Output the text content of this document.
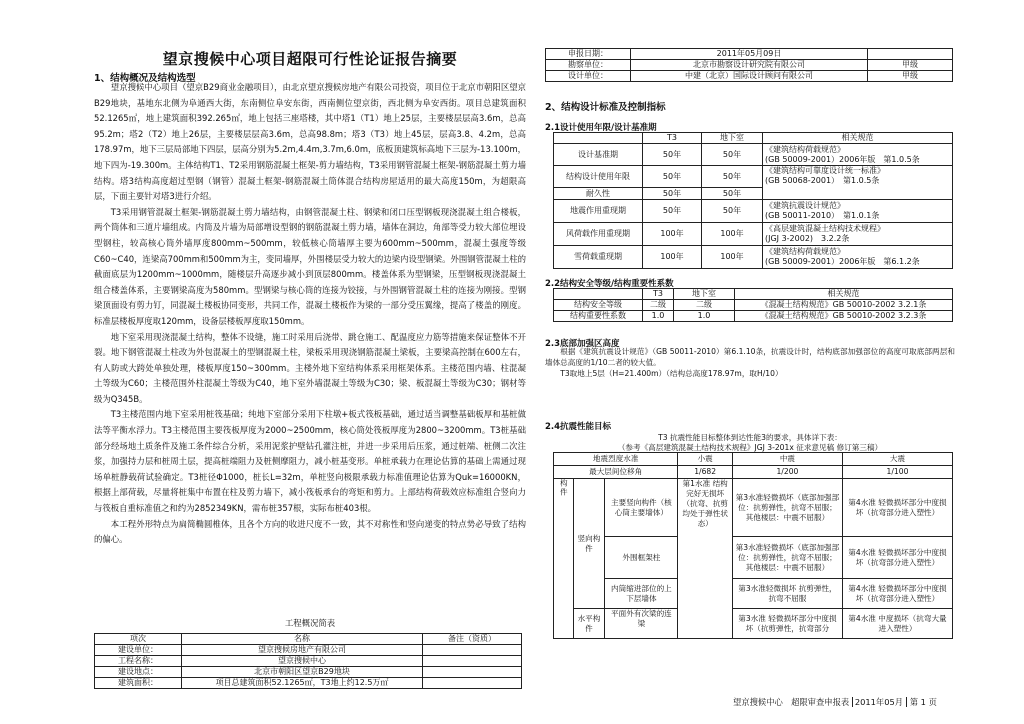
望京搜候中心项目超限可行性论证报告摘要
1、结构概况及结构选型

望京搜候中心项目（望京B29商业金融项目），由北京望京搜候房地产有限公司投资，项目位于北京市朝阳区望京B29地块，基地东北侧为阜通西大街，东南侧位阜安东街，西南侧位望京街，西北侧为阜安西街。项目总建筑面积52.1265㎡，地上建筑面积392.265㎡，地上包括三座塔楼，其中塔1（T1）地上25层，主要楼层层高3.6m，总高95.2m；塔2（T2）地上26层，主要楼层层高3.6m，总高98.8m；塔3（T3）地上45层，层高3.8、4.2m，总高178.97m，地下三层局部地下四层，层高分别为5.2m,4.4m,3.7m,6.0m，底板顶建筑标高地下三层为-13.100m，地下四为-19.300m。主体结构T1、T2采用钢筋混凝土框架-剪力墙结构，T3采用钢管混凝土框架-钢筋混凝土剪力墙结构。塔3结构高度超过型钢（钢管）混凝土框架-钢筋混凝土筒体混合结构房屋适用的最大高度150m，为超限高层，下面主要针对塔3进行介绍。

T3采用钢管混凝土框架-钢筋混凝土剪力墙结构，由钢管混凝土柱、钢梁和闭口压型钢板现浇混凝土组合楼板，两个筒体和三道片墙组成。内筒及片墙为局部增设型钢的钢筋混凝土剪力墙，墙体在洞边，角部等受力较大部位埋设型钢柱，较高核心筒外墙厚度800mm~500mm，较低核心筒墙厚主要为600mm~500mm，混凝土强度等级C60~C40，连梁高700mm和500mm为主，变同墙厚，外围楼层受力较大的边梁内设型钢梁。外围钢管混凝土柱的截面底层为1200mm~1000mm，随楼层升高逐步减小到顶层800mm。楼盖体系为型钢梁，压型钢板现浇混凝土组合楼盖体系，主要钢梁高度为580mm。型钢梁与核心筒的连接为铰接，与外围钢管混凝土柱的连接为刚接。型钢梁顶面设有剪力钉，同混凝土楼板协同变形，共同工作，混凝土楼板作为梁的一部分受压翼缘，提高了楼盖的刚度。标准层楼板厚度取120mm，设备层楼板厚度取150mm。

地下室采用现浇混凝土结构，整体不设缝，施工时采用后浇带、跳仓施工、配温度应力筋等措施来保证整体不开裂。地下钢管混凝土柱改为外包混凝土的型钢混凝土柱，梁板采用现浇钢筋混凝土梁板，主要梁高控制在600左右，有人防或大跨处单独处理，楼板厚度150~300mm。主楼外地下室结构体系采用框架体系。主楼范围内墙、柱混凝土等级为C60；主楼范围外柱混凝土等级为C40，地下室外墙混凝土等级为C30；梁、板混凝土等级为C30；钢材等级为Q345B。

T3主楼范围内地下室采用桩筏基础；纯地下室部分采用下柱墩+板式筏板基础，通过适当调整基础板厚和基桩做法等平衡水浮力。T3主楼范围主要筏板厚度为2000~2500mm，核心筒处筏板厚度为2800~3200mm。T3桩基础部分经场地土质条件及施工条件综合分析，采用泥浆护壁钻孔灌注桩，并进一步采用后压浆，通过桩端、桩侧二次注浆，加强持力层和桩周土层，提高桩端阻力及桩侧摩阻力，减小桩基变形。单桩承载力在理论估算的基础上需通过现场单桩静载荷试验确定。T3桩径Φ1000，桩长L=32m，单桩竖向极限承载力标准值理论估算为Quk=16000KN，根据上部荷载，尽量将桩集中布置在柱及剪力墙下，减小筏板承台的弯矩和剪力。上部结构荷载效应标准组合竖向力与筏板自重标准值之和约为2852349KN，需布桩357根，实际布桩403根。

本工程外形特点为扁简椭圆椎体，且各个方向的收进尺度不一致，其不对称性和竖向递变的特点势必导致了结构的偏心。

工程概况简表
项次	名称	备注（资质）
建设单位：	望京搜候房地产有限公司	
工程名称：	望京搜候中心	
建设地点：	北京市朝阳区望京B29地块	
建筑面积：	项目总建筑面积52.1265㎡，T3地上约12.5万㎡	
申报日期：	2011年05月09日	
勘察单位：	北京市勘察设计研究院有限公司	甲级
设计单位：	中建（北京）国际设计顾问有限公司	甲级
2、结构设计标准及控制指标
2.1设计使用年限/设计基准期
	T3	地下室	相关规范
设计基准期	50年	50年	《建筑结构荷载规范》
(GB 50009-2001）2006年版　第1.0.5条

结构设计使用年限	50年	50年	《建筑结构可靠度设计统一标准》
(GB 50068-2001）　第1.0.5条

耐久性	50年	50年	
地震作用重现期	50年	50年	《建筑抗震设计规范》
(GB 50011-2010）　第1.0.1条

风荷载作用重现期	100年	100年	《高层建筑混凝土结构技术规程》
(JGJ 3-2002)　3.2.2条

雪荷载重现期	100年	100年	《建筑结构荷载规范》
(GB 50009-2001）2006年版　第6.1.2条
2.2结构安全等级/结构重要性系数
	T3	地下室	相关规范
结构安全等级	二级	二级	《混凝土结构规范》GB 50010-2002 3.2.1条
结构重要性系数	1.0	1.0	《混凝土结构规范》GB 50010-2002 3.2.3条
2.3底部加强区高度

根据《建筑抗震设计规范》（GB 50011-2010）第6.1.10条，抗震设计时，结构底部加强部位的高度可取底部两层和墙体总高度的1/10二者的较大值。

T3取地上5层（H=21.400m）（结构总高度178.97m，取H/10）

2.4抗震性能目标
T3 抗震性能目标整体到达性能3的要求，具体详下表：
（参考《高层建筑混凝土结构技术规程》JGJ 3-201x 征求意见稿 修订第三稿）
地震烈度水准			小震	中震	大震
最大层间位移角			1/682	1/200	1/100
构件	竖向构件	主要竖向构件（核心筒主要墙体）	第1水准 结构完好无损坏（抗弯、抗剪均处于弹性状态）	第3水准轻微损坏（底部加强部位：抗剪弹性，抗弯不屈服；其他楼层：中震不屈服）	第4水准 轻微损坏部分中度损坏（抗弯部分进入塑性）
		外围框架柱		第3水准轻微损坏（底部加强部位：抗剪弹性，抗弯不屈服；其他楼层：中震不屈服）	第4水准 轻微损坏部分中度损坏（抗弯部分进入塑性）
		内筒缩进部位的上下层墙体		第3水准轻微损坏 抗剪弹性，抗弯不屈服	第4水准 轻微损坏部分中度损坏（抗弯部分进入塑性）
	水平构件	平面外有次梁的连梁		第3水准 轻微损坏部分中度损坏（抗剪弹性，抗弯部分	第4水准 中度损坏（抗弯大量进入塑性）
望京搜候中心　超限审查申报表 2011年05月 第 1 页
